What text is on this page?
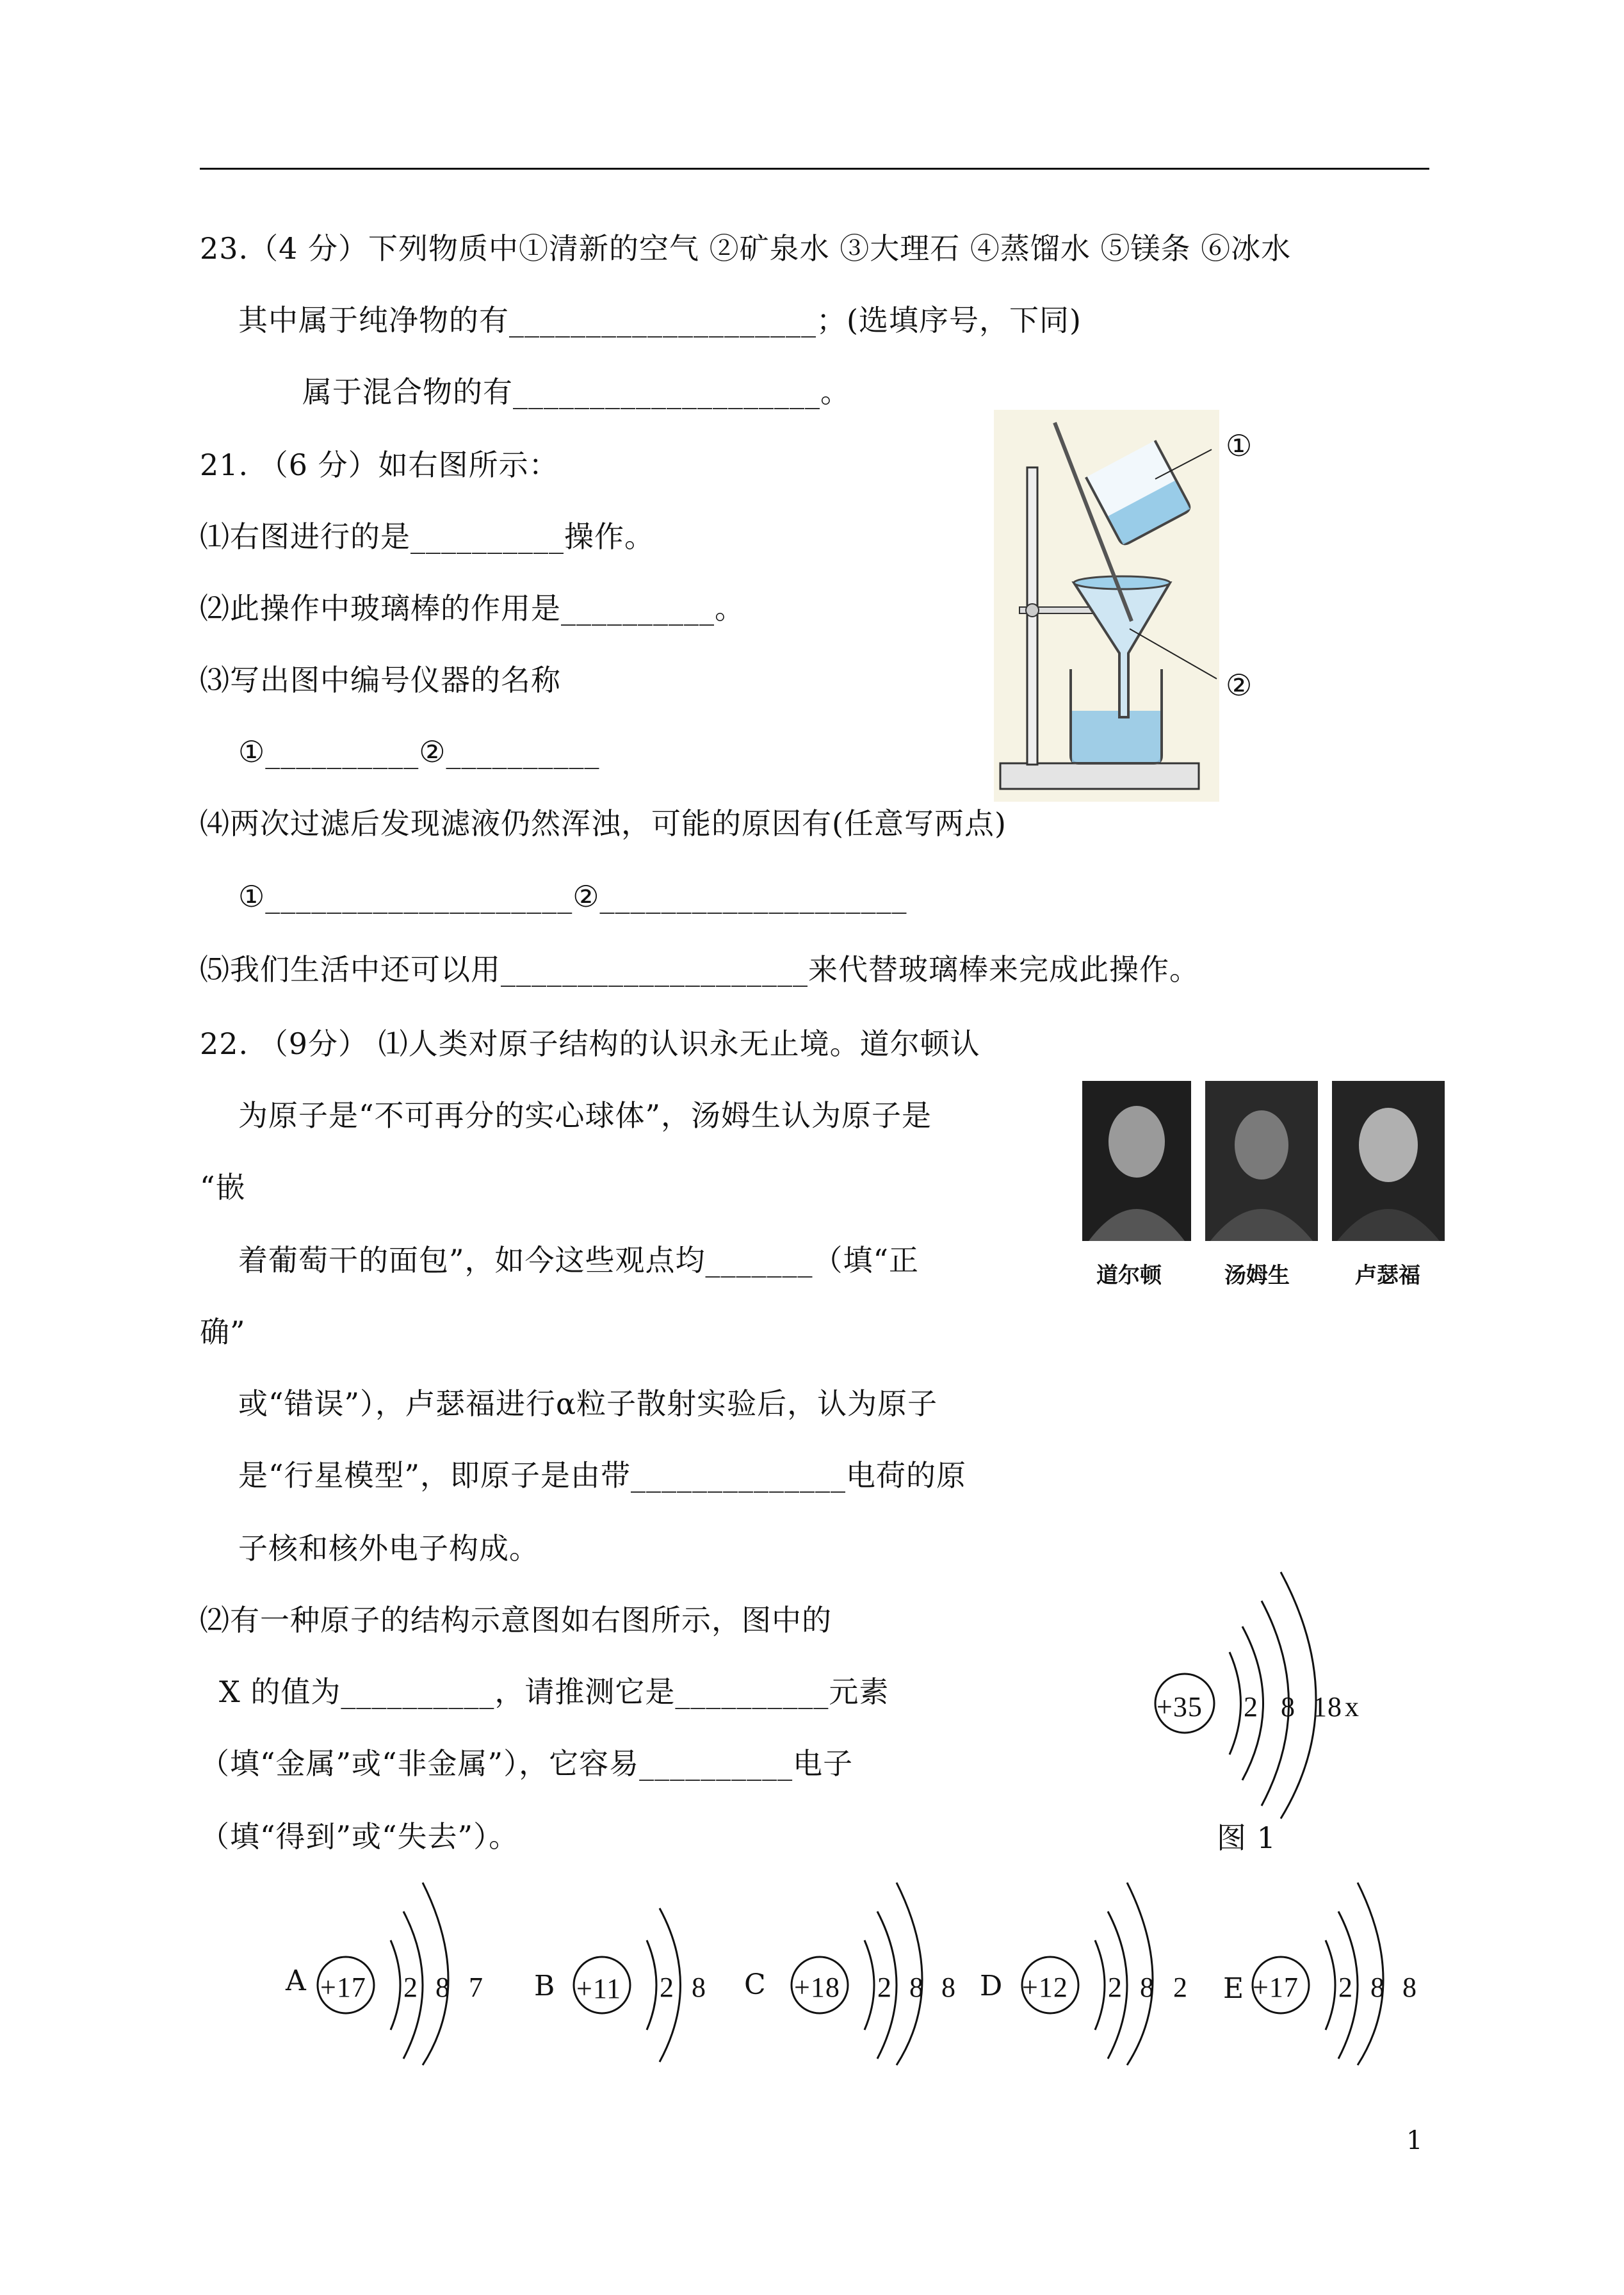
23.（4 分）下列物质中①清新的空气 ②矿泉水 ③大理石 ④蒸馏水 ⑤镁条 ⑥冰水
其中属于纯净物的有____________________；(选填序号，下同)
属于混合物的有____________________。
21. （6 分）如右图所示：
⑴右图进行的是__________操作。
⑵此操作中玻璃棒的作用是__________。
⑶写出图中编号仪器的名称
①__________②__________
⑷两次过滤后发现滤液仍然浑浊，可能的原因有(任意写两点)
①____________________②____________________
⑸我们生活中还可以用____________________来代替玻璃棒来完成此操作。
①
②
22. （9分） ⑴人类对原子结构的认识永无止境。道尔顿认
为原子是“不可再分的实心球体”，汤姆生认为原子是
“嵌
着葡萄干的面包”，如今这些观点均_______（填“正
确”
或“错误”），卢瑟福进行α粒子散射实验后，认为原子
是“行星模型”，即原子是由带______________电荷的原
子核和核外电子构成。
⑵有一种原子的结构示意图如右图所示，图中的
X 的值为__________，请推测它是__________元素
（填“金属”或“非金属”），它容易__________电子
（填“得到”或“失去”）。
道尔顿	汤姆生	卢瑟福
+35 2 8 18 x
图 1
A +17 2 8 7 B +11 2 8 C +18 2 8 8 D +12 2 8 2 E +17 2 8 8
1
